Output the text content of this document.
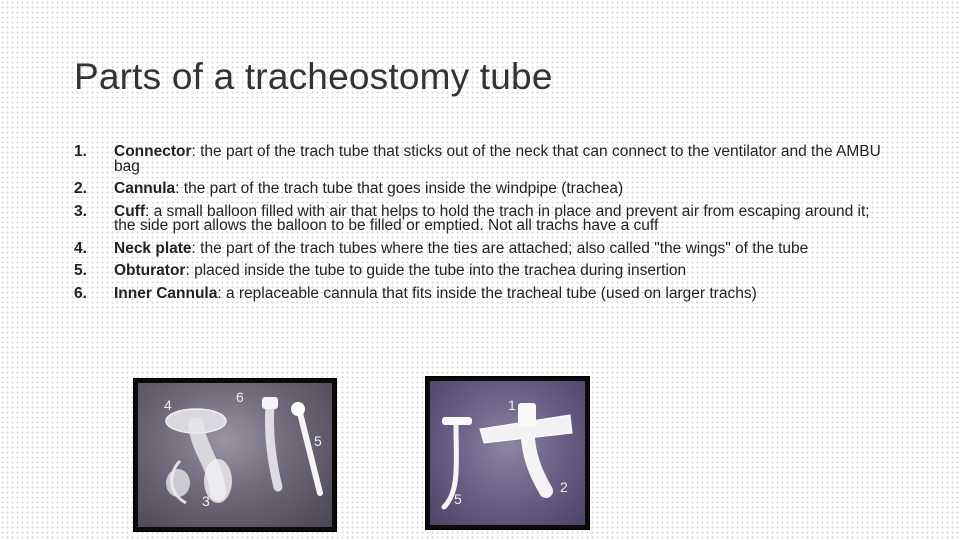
Parts of a tracheostomy tube
1.	Connector: the part of the trach tube that sticks out of the neck that can connect to the ventilator and the AMBU bag
2.	Cannula: the part of the trach tube that goes inside the windpipe (trachea)
3.	Cuff: a small balloon filled with air that helps to hold the trach in place and prevent air from escaping around it; the side port allows the balloon to be filled or emptied. Not all trachs have a cuff
4.	Neck plate: the part of the trach tubes where the ties are attached; also called "the wings" of the tube
5.	Obturator: placed inside the tube to guide the tube into the trachea during insertion
6.	Inner Cannula: a replaceable cannula that fits inside the tracheal tube (used on larger trachs)
4	6
5
3
1
5
2
